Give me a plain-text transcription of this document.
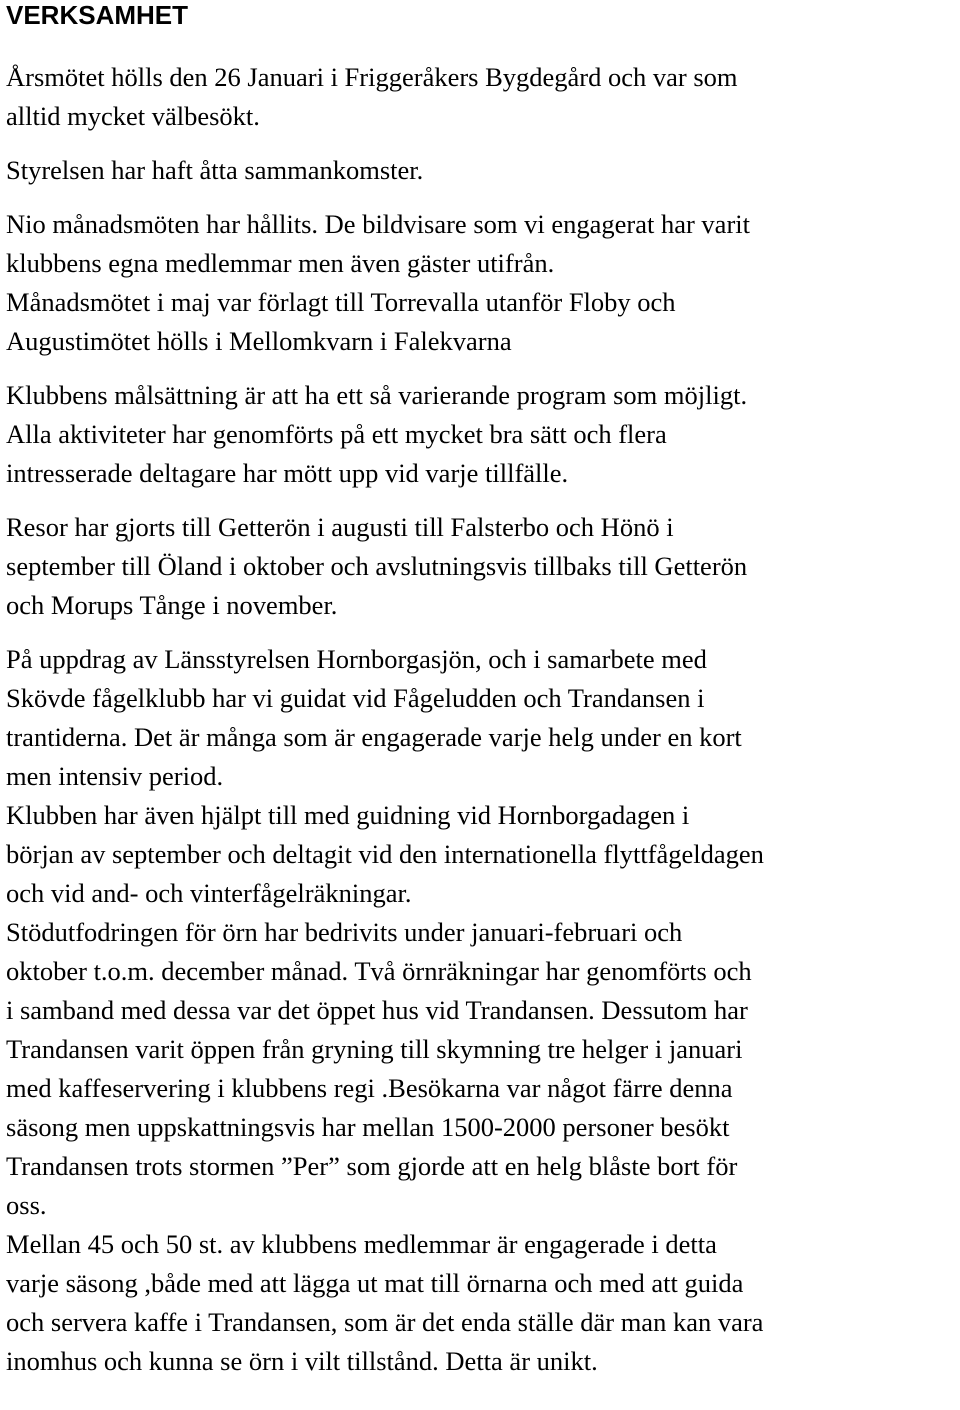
VERKSAMHET
Årsmötet hölls den 26 Januari i Friggeråkers Bygdegård och var som
alltid mycket välbesökt.
Styrelsen har haft åtta sammankomster.
Nio månadsmöten har hållits. De bildvisare som vi engagerat har varit
klubbens egna medlemmar men även gäster utifrån.
Månadsmötet i maj var förlagt till Torrevalla utanför Floby och
Augustimötet hölls i Mellomkvarn i Falekvarna
Klubbens målsättning är att ha ett så varierande program som möjligt.
Alla aktiviteter har genomförts på ett mycket bra sätt och flera
intresserade deltagare har mött upp vid varje tillfälle.
Resor har gjorts till Getterön i augusti till Falsterbo och Hönö i
september till Öland i oktober och avslutningsvis tillbaks till Getterön
och Morups Tånge i november.
På uppdrag av Länsstyrelsen Hornborgasjön, och i samarbete med
Skövde fågelklubb har vi guidat vid Fågeludden och Trandansen i
trantiderna. Det är många som är engagerade varje helg under en kort
men intensiv period.
Klubben har även hjälpt till med guidning vid Hornborgadagen i
början av september och deltagit vid den internationella flyttfågeldagen
och vid and- och vinterfågelräkningar.
Stödutfodringen för örn har bedrivits under januari-februari och
oktober t.o.m. december månad. Två örnräkningar har genomförts och
i samband med dessa var det öppet hus vid Trandansen. Dessutom har
Trandansen varit öppen från gryning till skymning tre helger i januari
med kaffeservering i klubbens regi .Besökarna var något färre denna
säsong men uppskattningsvis har mellan 1500-2000 personer besökt
Trandansen trots stormen ”Per” som gjorde att en helg blåste bort för
oss.
Mellan 45 och 50 st. av klubbens medlemmar är engagerade i detta
varje säsong ,både med att lägga ut mat till örnarna och med att guida
och servera kaffe i Trandansen, som är det enda ställe där man kan vara
inomhus och kunna se örn i vilt tillstånd. Detta är unikt.
